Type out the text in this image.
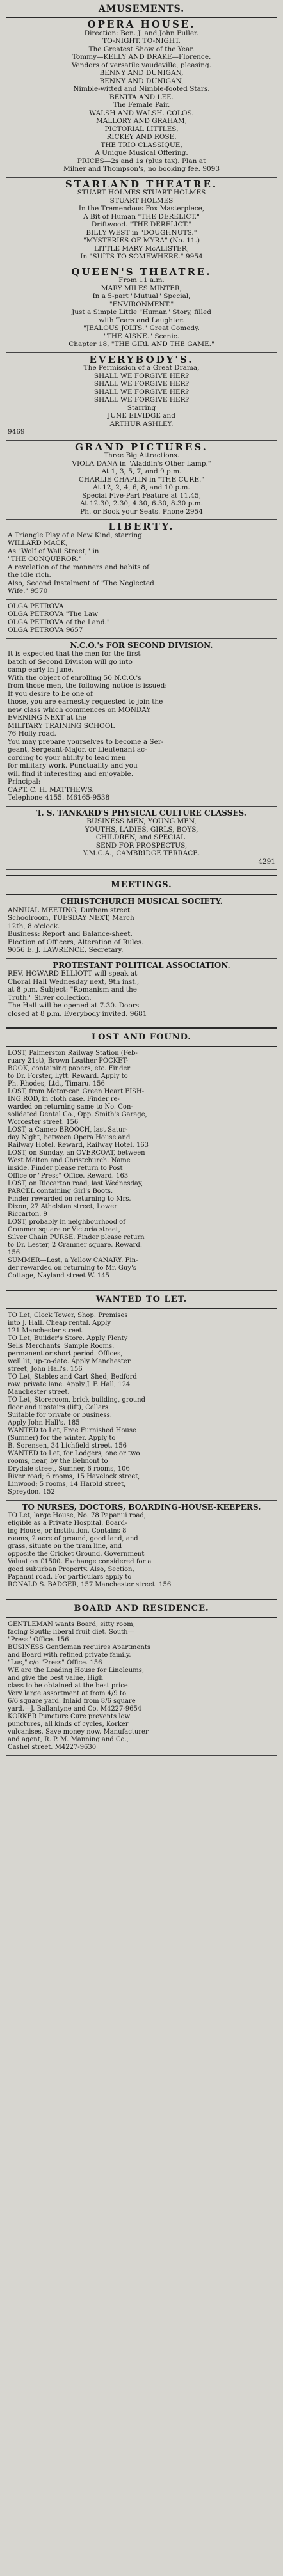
AMUSEMENTS.
OPERA HOUSE.
Direction: Ben. J. and John Fuller.
TO-NIGHT. TO-NIGHT.
The Greatest Show of the Year.
Tommy—KELLY AND DRAKE—Florence.
Vendors of versatile vaudeville, pleasing.
BENNY AND DUNIGAN,
BENNY AND DUNIGAN,
Nimble-witted and Nimble-footed Stars.
BENITA AND LEE.
The Female Pair.
WALSH AND WALSH. COLOS.
MALLORY AND GRAHAM,
PICTORIAL LITTLES,
RICKEY AND ROSE.
THE TRIO CLASSIQUE,
A Unique Musical Offering.
PRICES—2s and 1s (plus tax). Plan at
Milner and Thompson's, no booking fee. 9093
STARLAND THEATRE.
STUART HOLMES STUART HOLMES
STUART HOLMES
In the Tremendous Fox Masterpiece,
A Bit of Human "THE DERELICT."
Driftwood. "THE DERELICT."
BILLY WEST in "DOUGHNUTS."
"MYSTERIES OF MYRA" (No. 11.)
LITTLE MARY McALISTER,
In "SUITS TO SOMEWHERE." 9954
QUEEN'S THEATRE.
From 11 a.m.
MARY MILES MINTER,
In a 5-part "Mutual" Special,
"ENVIRONMENT."
Just a Simple Little "Human" Story, filled
with Tears and Laughter.
"JEALOUS JOLTS." Great Comedy.
"THE AISNE." Scenic.
Chapter 18, "THE GIRL AND THE GAME."
EVERYBODY'S.
The Permission of a Great Drama,
"SHALL WE FORGIVE HER?"
"SHALL WE FORGIVE HER?"
"SHALL WE FORGIVE HER?"
"SHALL WE FORGIVE HER?"
Starring
JUNE ELVIDGE and
ARTHUR ASHLEY.
9469
GRAND PICTURES.
Three Big Attractions.
VIOLA DANA in "Aladdin's Other Lamp."
At 1, 3, 5, 7, and 9 p.m.
CHARLIE CHAPLIN in "THE CURE."
At 12, 2, 4, 6, 8, and 10 p.m.
Special Five-Part Feature at 11.45,
At 12.30, 2.30, 4.30, 6.30, 8.30 p.m.
Ph. or Book your Seats. Phone 2954
LIBERTY.
A Triangle Play of a New Kind, starring
WILLARD MACK,
As "Wolf of Wall Street," in
"THE CONQUEROR."
A revelation of the manners and habits of
the idle rich.
Also, Second Instalment of "The Neglected
Wife." 9570
OLGA PETROVA
OLGA PETROVA "The Law
OLGA PETROVA of the Land."
OLGA PETROVA 9657
N.C.O.'s FOR SECOND DIVISION.
It is expected that the men for the first
batch of Second Division will go into
camp early in June.
With the object of enrolling 50 N.C.O.'s
from those men, the following notice is issued:
If you desire to be one of
those, you are earnestly requested to join the
new class which commences on MONDAY
EVENING NEXT at the
MILITARY TRAINING SCHOOL
76 Holly road.
You may prepare yourselves to become a Ser-
geant, Sergeant-Major, or Lieutenant ac-
cording to your ability to lead men
for military work. Punctuality and you
will find it interesting and enjoyable.
Principal:
CAPT. C. H. MATTHEWS.
Telephone 4155. M6165-9538
T. S. TANKARD'S PHYSICAL CULTURE CLASSES.
BUSINESS MEN, YOUNG MEN,
YOUTHS, LADIES, GIRLS, BOYS,
CHILDREN, and SPECIAL.
SEND FOR PROSPECTUS,
Y.M.C.A., CAMBRIDGE TERRACE.
4291
MEETINGS.
CHRISTCHURCH MUSICAL SOCIETY.
ANNUAL MEETING, Durham street
Schoolroom, TUESDAY NEXT, March
12th, 8 o'clock.
Business: Report and Balance-sheet,
Election of Officers, Alteration of Rules.
9056 E. J. LAWRENCE, Secretary.
PROTESTANT POLITICAL ASSOCIATION.
REV. HOWARD ELLIOTT will speak at
Choral Hall Wednesday next, 9th inst.,
at 8 p.m. Subject: "Romanism and the
Truth." Silver collection.
The Hall will be opened at 7.30. Doors
closed at 8 p.m. Everybody invited. 9681
LOST AND FOUND.
LOST, Palmerston Railway Station (Feb-
ruary 21st), Brown Leather POCKET-
BOOK, containing papers, etc. Finder
to Dr. Forster, Lytt. Reward. Apply to
Ph. Rhodes, Ltd., Timaru. 156
LOST, from Motor-car, Green Heart FISH-
ING ROD, in cloth case. Finder re-
warded on returning same to No. Con-
solidated Dental Co., Opp. Smith's Garage,
Worcester street. 156
LOST, a Cameo BROOCH, last Satur-
day Night, between Opera House and
Railway Hotel. Reward, Railway Hotel. 163
LOST, on Sunday, an OVERCOAT, between
West Melton and Christchurch. Name
inside. Finder please return to Post
Office or "Press" Office. Reward. 163
LOST, on Riccarton road, last Wednesday,
PARCEL containing Girl's Boots.
Finder rewarded on returning to Mrs.
Dixon, 27 Athelstan street, Lower
Riccarton. 9
LOST, probably in neighbourhood of
Cranmer square or Victoria street,
Silver Chain PURSE. Finder please return
to Dr. Lester, 2 Cranmer square. Reward.
156
SUMMER—Lost, a Yellow CANARY. Fin-
der rewarded on returning to Mr. Guy's
Cottage, Nayland street W. 145
WANTED TO LET.
TO Let, Clock Tower, Shop. Premises
into J. Hall. Cheap rental. Apply
121 Manchester street.
TO Let, Builder's Store. Apply Plenty
Sells Merchants' Sample Rooms.
permanent or short period. Offices,
well lit, up-to-date. Apply Manchester
street, John Hall's. 156
TO Let, Stables and Cart Shed, Bedford
row, private lane. Apply J. F. Hall, 124
Manchester street.
TO Let, Storeroom, brick building, ground
floor and upstairs (lift), Cellars.
Suitable for private or business.
Apply John Hall's. 185
WANTED to Let, Free Furnished House
(Sumner) for the winter. Apply to
B. Sorensen, 34 Lichfield street. 156
WANTED to Let, for Lodgers, one or two
rooms, near, by the Belmont to
Drydale street, Sumner, 6 rooms, 106
River road; 6 rooms, 15 Havelock street,
Linwood; 5 rooms, 14 Harold street,
Spreydon. 152
TO NURSES, DOCTORS, BOARDING-HOUSE-KEEPERS.
TO Let, large House, No. 78 Papanui road,
eligible as a Private Hospital, Board-
ing House, or Institution. Contains 8
rooms, 2 acre of ground, good land, and
grass, situate on the tram line, and
opposite the Cricket Ground. Government
Valuation £1500. Exchange considered for a
good suburban Property. Also, Section,
Papanui road. For particulars apply to
RONALD S. BADGER, 157 Manchester street. 156
BOARD AND RESIDENCE.
GENTLEMAN wants Board, sitty room,
facing South; liberal fruit diet. South—
"Press" Office. 156
BUSINESS Gentleman requires Apartments
and Board with refined private family.
"Lus," c/o "Press" Office. 156
WE are the Leading House for Linoleums,
and give the best value, High
class to be obtained at the best price.
Very large assortment at from 4/9 to
6/6 square yard. Inlaid from 8/6 square
yard.—J. Ballantyne and Co. M4227-9654
KORKER Puncture Cure prevents low
punctures, all kinds of cycles, Korker
vulcanises. Save money now. Manufacturer
and agent, R. P. M. Manning and Co.,
Cashel street. M4227-9630
